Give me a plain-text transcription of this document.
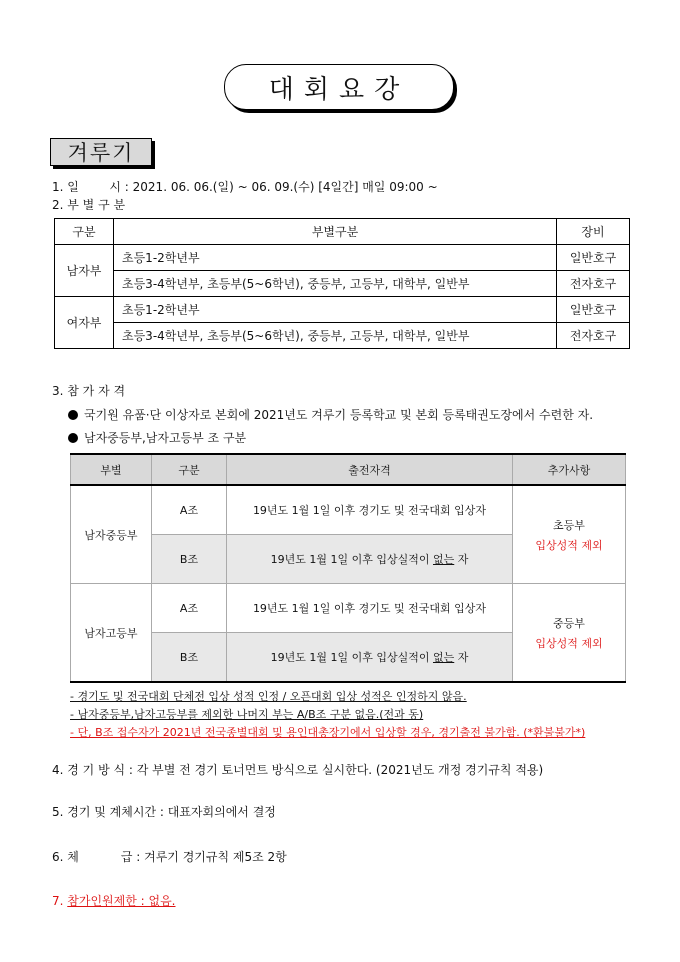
대회요강
겨루기
1. 일        시 : 2021. 06. 06.(일) ~ 06. 09.(수) [4일간] 매일 09:00 ~
2. 부 별 구 분
구분	부별구분	장비
남자부	초등1-2학년부	일반호구
	초등3-4학년부, 초등부(5~6학년), 중등부, 고등부, 대학부, 일반부	전자호구
여자부	초등1-2학년부	일반호구
	초등3-4학년부, 초등부(5~6학년), 중등부, 고등부, 대학부, 일반부	전자호구
3. 참 가 자 격
국기원 유품·단 이상자로 본회에 2021년도 겨루기 등록학교 및 본회 등록태권도장에서 수련한 자.
남자중등부,남자고등부 조 구분
부별	구분	출전자격	추가사항
남자중등부	A조	19년도 1월 1일 이후 경기도 및 전국대회 입상자	초등부
입상성적 제외

	B조	19년도 1월 1일 이후 입상실적이 없는 자	
남자고등부	A조	19년도 1월 1일 이후 경기도 및 전국대회 입상자	중등부
입상성적 제외

	B조	19년도 1월 1일 이후 입상실적이 없는 자	
- 경기도 및 전국대회 단체전 입상 성적 인정 / 오픈대회 입상 성적은 인정하지 않음.
- 남자중등부,남자고등부를 제외한 나머지 부는 A/B조 구분 없음.(전과 동)
- 단, B조 접수자가 2021년 전국종별대회 및 용인대총장기에서 입상할 경우, 경기출전 불가함. (*환불불가*)
4. 경 기 방 식 : 각 부별 전 경기 토너먼트 방식으로 실시한다. (2021년도 개정 경기규칙 적용)
5. 경기 및 계체시간 : 대표자회의에서 결정
6. 체           급 : 겨루기 경기규칙 제5조 2항
7. 참가인원제한 : 없음.
